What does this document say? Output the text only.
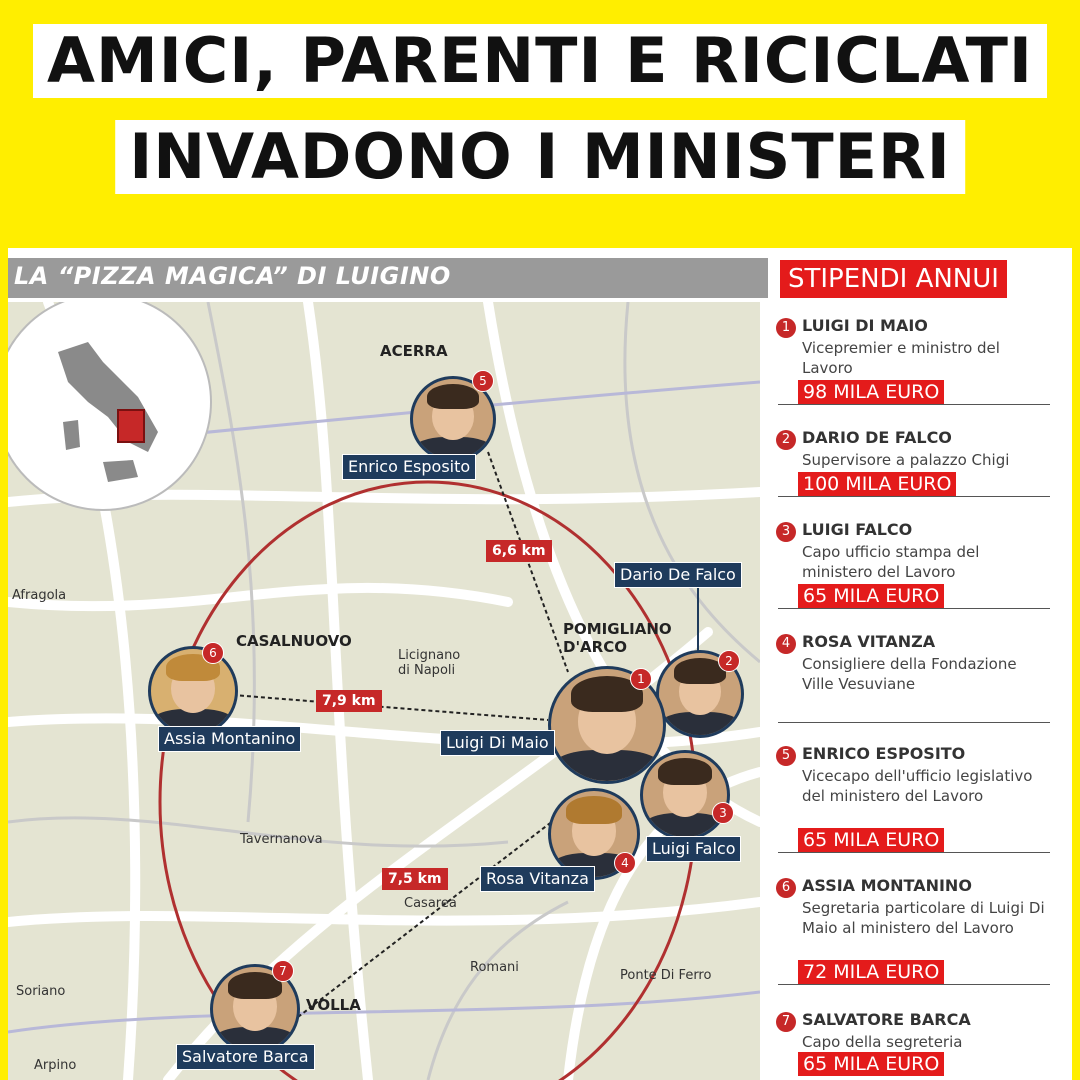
AMICI, PARENTI E RICICLATI
INVADONO I MINISTERI
LA “PIZZA MAGICA” DI LUIGINO	STIPENDI ANNUI
ACERRA
Afragola
CASALNUOVO
Licignano di Napoli
POMIGLIANO D'ARCO
Tavernanova
Casarea
Romani
Ponte Di Ferro
Soriano
VOLLA
Arpino
6,6 km
7,9 km
7,5 km
5
Enrico Esposito
Dario De Falco
2
1
Luigi Di Maio
6
Assia Montanino
3
Luigi Falco
4
Rosa Vitanza
7
Salvatore Barca
1 LUIGI DI MAIO
Vicepremier e ministro del Lavoro
98 MILA EURO
2 DARIO DE FALCO
Supervisore a palazzo Chigi
100 MILA EURO
3 LUIGI FALCO
Capo ufficio stampa del ministero del Lavoro
65 MILA EURO
4 ROSA VITANZA
Consigliere della Fondazione Ville Vesuviane
5 ENRICO ESPOSITO
Vicecapo dell'ufficio legislativo del ministero del Lavoro
65 MILA EURO
6 ASSIA MONTANINO
Segretaria particolare di Luigi Di Maio al ministero del Lavoro
72 MILA EURO
7 SALVATORE BARCA
Capo della segreteria
65 MILA EURO
